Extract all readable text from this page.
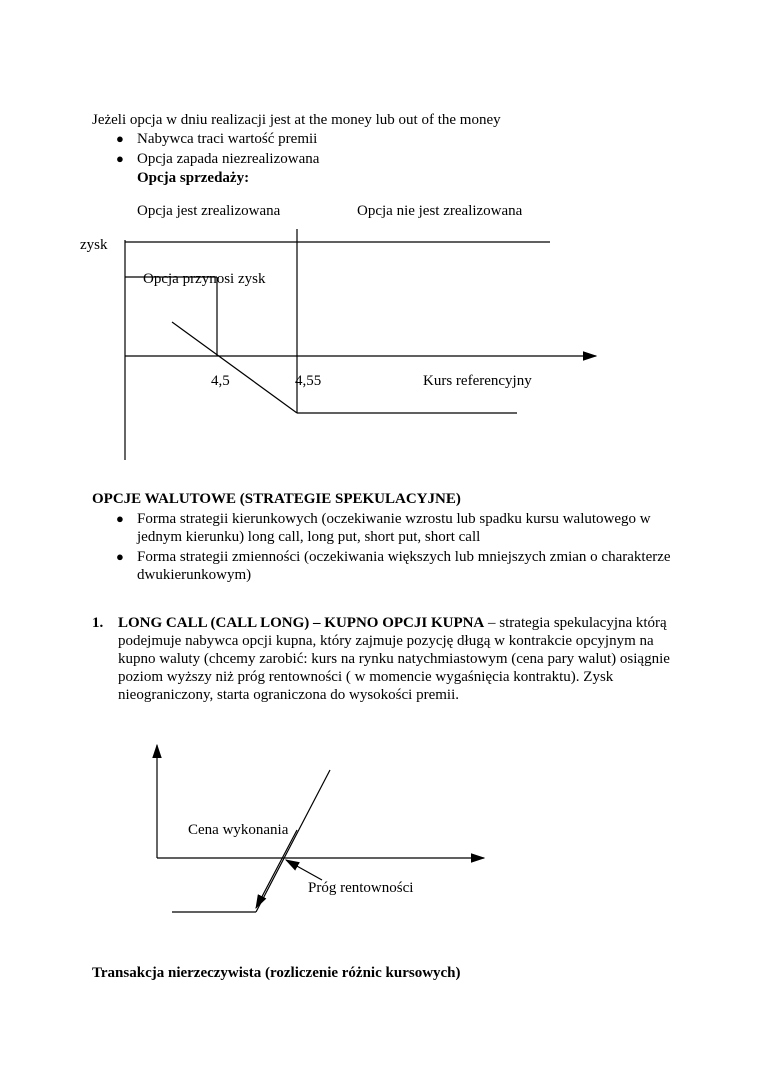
Jeżeli opcja w dniu realizacji jest at the money lub out of the money
● Nabywca traci wartość premii
● Opcja zapada niezrealizowana
Opcja sprzedaży:
Opcja jest zrealizowana	Opcja nie jest zrealizowana
zysk
Opcja przynosi zysk
4,5	4,55	Kurs referencyjny
OPCJE WALUTOWE (STRATEGIE SPEKULACYJNE)
● Forma strategii kierunkowych (oczekiwanie wzrostu lub spadku kursu walutowego w jednym kierunku) long call, long put, short put, short call
● Forma strategii zmienności (oczekiwania większych lub mniejszych zmian o charakterze dwukierunkowym)
1. LONG CALL (CALL LONG) – KUPNO OPCJI KUPNA – strategia spekulacyjna którą podejmuje nabywca opcji kupna, który zajmuje pozycję długą w kontrakcie opcyjnym na kupno waluty (chcemy zarobić: kurs na rynku natychmiastowym (cena pary walut) osiągnie poziom wyższy niż próg rentowności ( w momencie wygaśnięcia kontraktu). Zysk nieograniczony, starta ograniczona do wysokości premii.
Cena wykonania
Próg rentowności
Transakcja nierzeczywista (rozliczenie różnic kursowych)
